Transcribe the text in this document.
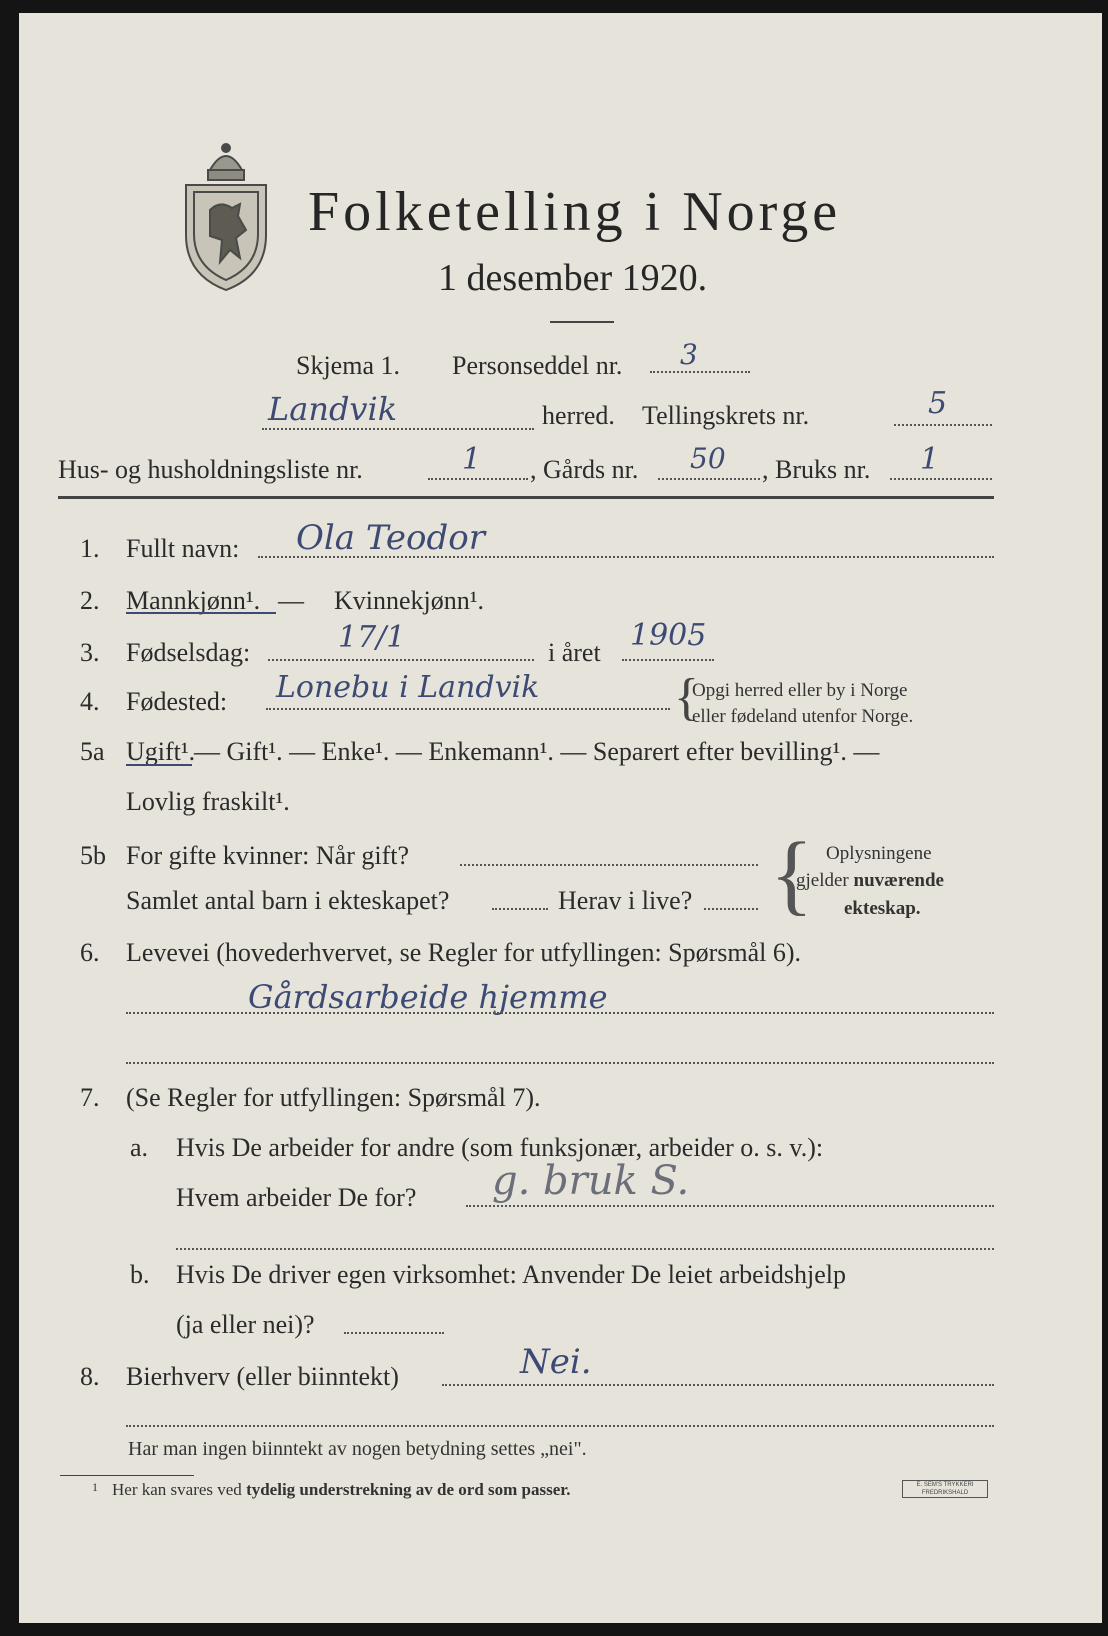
Folketelling i Norge
1 desember 1920.
Skjema 1. Personseddel nr. 3
Landvik	herred. Tellingskrets nr.	5
Hus- og husholdningsliste nr.	1 , Gårds nr. 50 , Bruks nr. 1
1. Fullt navn: Ola Teodor
2. Mannkjønn¹. — Kvinnekjønn¹.
3. Fødselsdag:	17/1	i året 1905
4. Fødested: Lonebu i Landvik	{
Opgi herred eller by i Norge
eller fødeland utenfor Norge.
5a Ugift¹.
— Gift¹. — Enke¹. — Enkemann¹. — Separert efter bevilling¹. —
Lovlig fraskilt¹.
5b For gifte kvinner: Når gift?
Samlet antal barn i ekteskapet?	Herav i live? { Oplysningene
gjelder nuværende
ekteskap.
6. Levevei (hovederhvervet, se Regler for utfyllingen: Spørsmål 6).
Gårdsarbeide hjemme
7. (Se Regler for utfyllingen: Spørsmål 7).
a. Hvis De arbeider for andre (som funksjonær, arbeider o. s. v.):
Hvem arbeider De for? g. bruk S.
b. Hvis De driver egen virksomhet: Anvender De leiet arbeidshjelp
(ja eller nei)?
8. Bierhverv (eller biinntekt)	Nei.
Har man ingen biinntekt av nogen betydning settes „nei".
$^1$ Her kan svares ved tydelig understrekning av de ord som passer.	E. SEM'S TRYKKERI FREDRIKSHALD
